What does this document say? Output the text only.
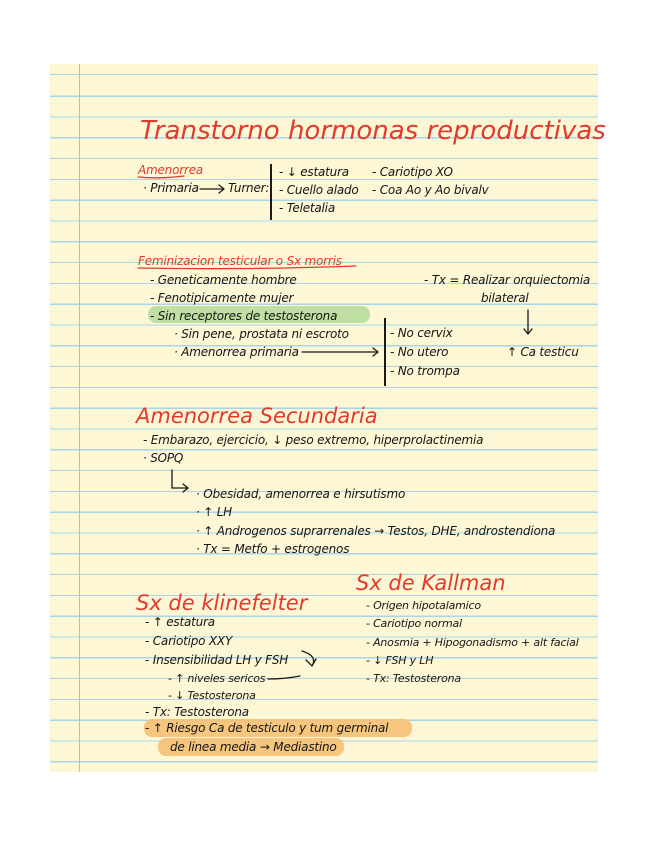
Transtorno hormonas reproductivas
Amenorrea
· Primaria Turner:
- ↓ estatura
- Cuello alado
- Teletalia
- Cariotipo XO
- Coa Ao y Ao bivalv
Feminizacion testicular o Sx morris
- Geneticamente hombre
- Fenotipicamente mujer
- Sin receptores de testosterona
· Sin pene, prostata ni escroto
· Amenorrea primaria
- No cervix
- No utero
- No trompa
- Tx = Realizar orquiectomia
bilateral
↑ Ca testicu
Amenorrea Secundaria
- Embarazo, ejercicio, ↓ peso extremo, hiperprolactinemia
· SOPQ
· Obesidad, amenorrea e hirsutismo
· ↑ LH
· ↑ Androgenos suprarrenales → Testos, DHE, androstendiona
· Tx = Metfo + estrogenos
Sx de klinefelter
- ↑ estatura
- Cariotipo XXY
- Insensibilidad LH y FSH
- ↑ niveles sericos
- ↓ Testosterona
- Tx: Testosterona
- ↑ Riesgo Ca de testiculo y tum germinal
de linea media → Mediastino
Sx de Kallman
- Origen hipotalamico
- Cariotipo normal
- Anosmia + Hipogonadismo + alt facial
- ↓ FSH y LH
- Tx: Testosterona
